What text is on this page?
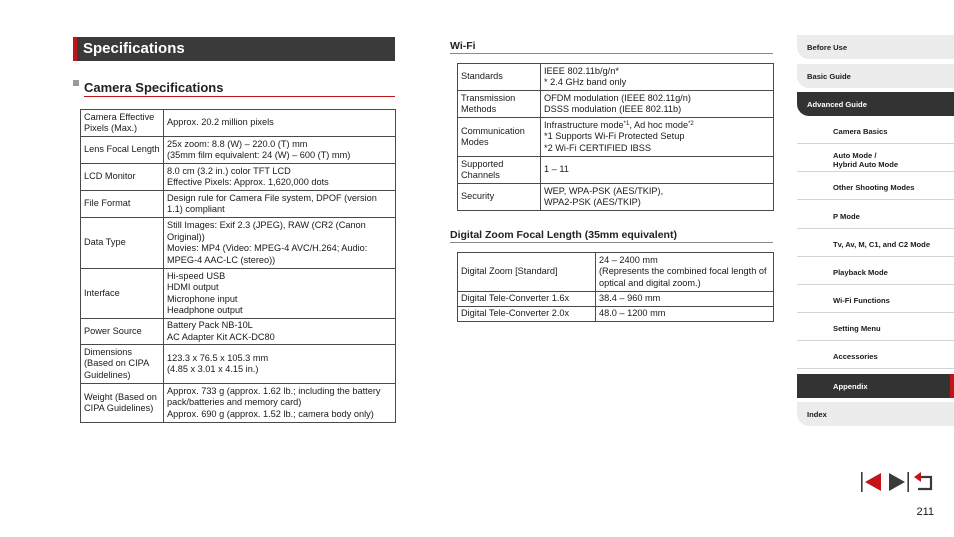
Specifications
Camera Specifications
Camera Effective Pixels (Max.)	Approx. 20.2 million pixels
Lens Focal Length	25x zoom: 8.8 (W) – 220.0 (T) mm
(35mm film equivalent: 24 (W) – 600 (T) mm)
LCD Monitor	8.0 cm (3.2 in.) color TFT LCD
Effective Pixels: Approx. 1,620,000 dots
File Format	Design rule for Camera File system, DPOF (version 1.1) compliant
Data Type	Still Images: Exif 2.3 (JPEG), RAW (CR2 (Canon Original))
Movies: MP4 (Video: MPEG-4 AVC/H.264; Audio: MPEG-4 AAC-LC (stereo))
Interface	Hi-speed USB
HDMI output
Microphone input
Headphone output
Power Source	Battery Pack NB-10L
AC Adapter Kit ACK-DC80
Dimensions (Based on CIPA Guidelines)	123.3 x 76.5 x 105.3 mm
(4.85 x 3.01 x 4.15 in.)
Weight (Based on CIPA Guidelines)	Approx. 733 g (approx. 1.62 lb.; including the battery pack/batteries and memory card)
Approx. 690 g (approx. 1.52 lb.; camera body only)
Wi-Fi
Standards	IEEE 802.11b/g/n*
* 2.4 GHz band only

Transmission Methods	OFDM modulation (IEEE 802.11g/n)
DSSS modulation (IEEE 802.11b)

Communication Modes	Infrastructure mode$^{*1}$, Ad hoc mode$^{*2}$
*1 Supports Wi-Fi Protected Setup
*2 Wi-Fi CERTIFIED IBSS

Supported Channels	1 – 11
Security	WEP, WPA-PSK (AES/TKIP),
WPA2-PSK (AES/TKIP)
Digital Zoom Focal Length (35mm equivalent)
Digital Zoom [Standard]	24 – 2400 mm
(Represents the combined focal length of optical and digital zoom.)
Digital Tele-Converter 1.6x	38.4 – 960 mm
Digital Tele-Converter 2.0x	48.0 – 1200 mm
Before Use
Basic Guide
Advanced Guide
Camera Basics
Auto Mode /
Hybrid Auto Mode
Other Shooting Modes
P Mode
Tv, Av, M, C1, and C2 Mode
Playback Mode
Wi-Fi Functions
Setting Menu
Accessories
Appendix
Index
211
